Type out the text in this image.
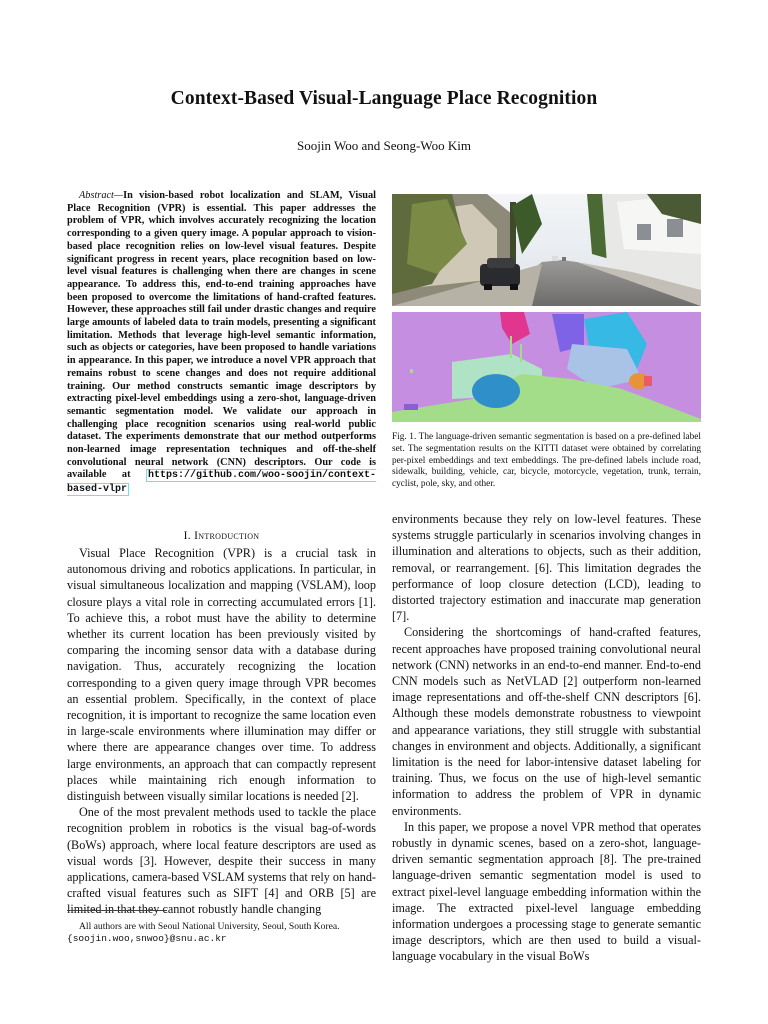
Context-Based Visual-Language Place Recognition
Soojin Woo and Seong-Woo Kim
Abstract—In vision-based robot localization and SLAM, Visual Place Recognition (VPR) is essential. This paper addresses the problem of VPR, which involves accurately recognizing the location corresponding to a given query image. A popular approach to vision-based place recognition relies on low-level visual features. Despite significant progress in recent years, place recognition based on low-level visual features is challenging when there are changes in scene appearance. To address this, end-to-end training approaches have been proposed to overcome the limitations of hand-crafted features. However, these approaches still fail under drastic changes and require large amounts of labeled data to train models, presenting a significant limitation. Methods that leverage high-level semantic information, such as objects or categories, have been proposed to handle variations in appearance. In this paper, we introduce a novel VPR approach that remains robust to scene changes and does not require additional training. Our method constructs semantic image descriptors by extracting pixel-level embeddings using a zero-shot, language-driven semantic segmentation model. We validate our approach in challenging place recognition scenarios using real-world public dataset. The experiments demonstrate that our method outperforms non-learned image representation techniques and off-the-shelf convolutional neural network (CNN) descriptors. Our code is available at https://github.com/woo-soojin/context-based-vlpr
I. Introduction

Visual Place Recognition (VPR) is a crucial task in autonomous driving and robotics applications. In particular, in visual simultaneous localization and mapping (VSLAM), loop closure plays a vital role in correcting accumulated errors [1]. To achieve this, a robot must have the ability to determine whether its current location has been previously visited by comparing the incoming sensor data with a database during navigation. Thus, accurately recognizing the location corresponding to a given query image through VPR becomes an essential problem. Specifically, in the context of place recognition, it is important to recognize the same location even in large-scale environments where illumination may differ or where there are appearance changes over time. To address large environments, an approach that can compactly represent places while maintaining rich enough information to distinguish between visually similar locations is needed [2].

One of the most prevalent methods used to tackle the place recognition problem in robotics is the visual bag-of-words (BoWs) approach, where local feature descriptors are used as visual words [3]. However, despite their success in many applications, camera-based VSLAM systems that rely on hand-crafted visual features such as SIFT [4] and ORB [5] are limited in that they cannot robustly handle changing

All authors are with Seoul National University, Seoul, South Korea.
{soojin.woo,snwoo}@snu.ac.kr
Fig. 1. The language-driven semantic segmentation is based on a pre-defined label set. The segmentation results on the KITTI dataset were obtained by correlating per-pixel embeddings and text embeddings. The pre-defined labels include road, sidewalk, building, vehicle, car, bicycle, motorcycle, vegetation, trunk, terrain, cyclist, pole, sky, and other.

environments because they rely on low-level features. These systems struggle particularly in scenarios involving changes in illumination and alterations to objects, such as their addition, removal, or rearrangement. [6]. This limitation degrades the performance of loop closure detection (LCD), leading to distorted trajectory estimation and inaccurate map generation [7].

Considering the shortcomings of hand-crafted features, recent approaches have proposed training convolutional neural network (CNN) networks in an end-to-end manner. End-to-end CNN models such as NetVLAD [2] outperform non-learned image representations and off-the-shelf CNN descriptors [6]. Although these models demonstrate robustness to viewpoint and appearance variations, they still struggle with substantial changes in environment and objects. Additionally, a significant limitation is the need for labor-intensive dataset labeling for training. Thus, we focus on the use of high-level semantic information to address the problem of VPR in dynamic environments.

In this paper, we propose a novel VPR method that operates robustly in dynamic scenes, based on a zero-shot, language-driven semantic segmentation approach [8]. The pre-trained language-driven semantic segmentation model is used to extract pixel-level language embedding information within the image. The extracted pixel-level language embedding information undergoes a processing stage to generate semantic image descriptors, which are then used to build a visual-language vocabulary in the visual BoWs
